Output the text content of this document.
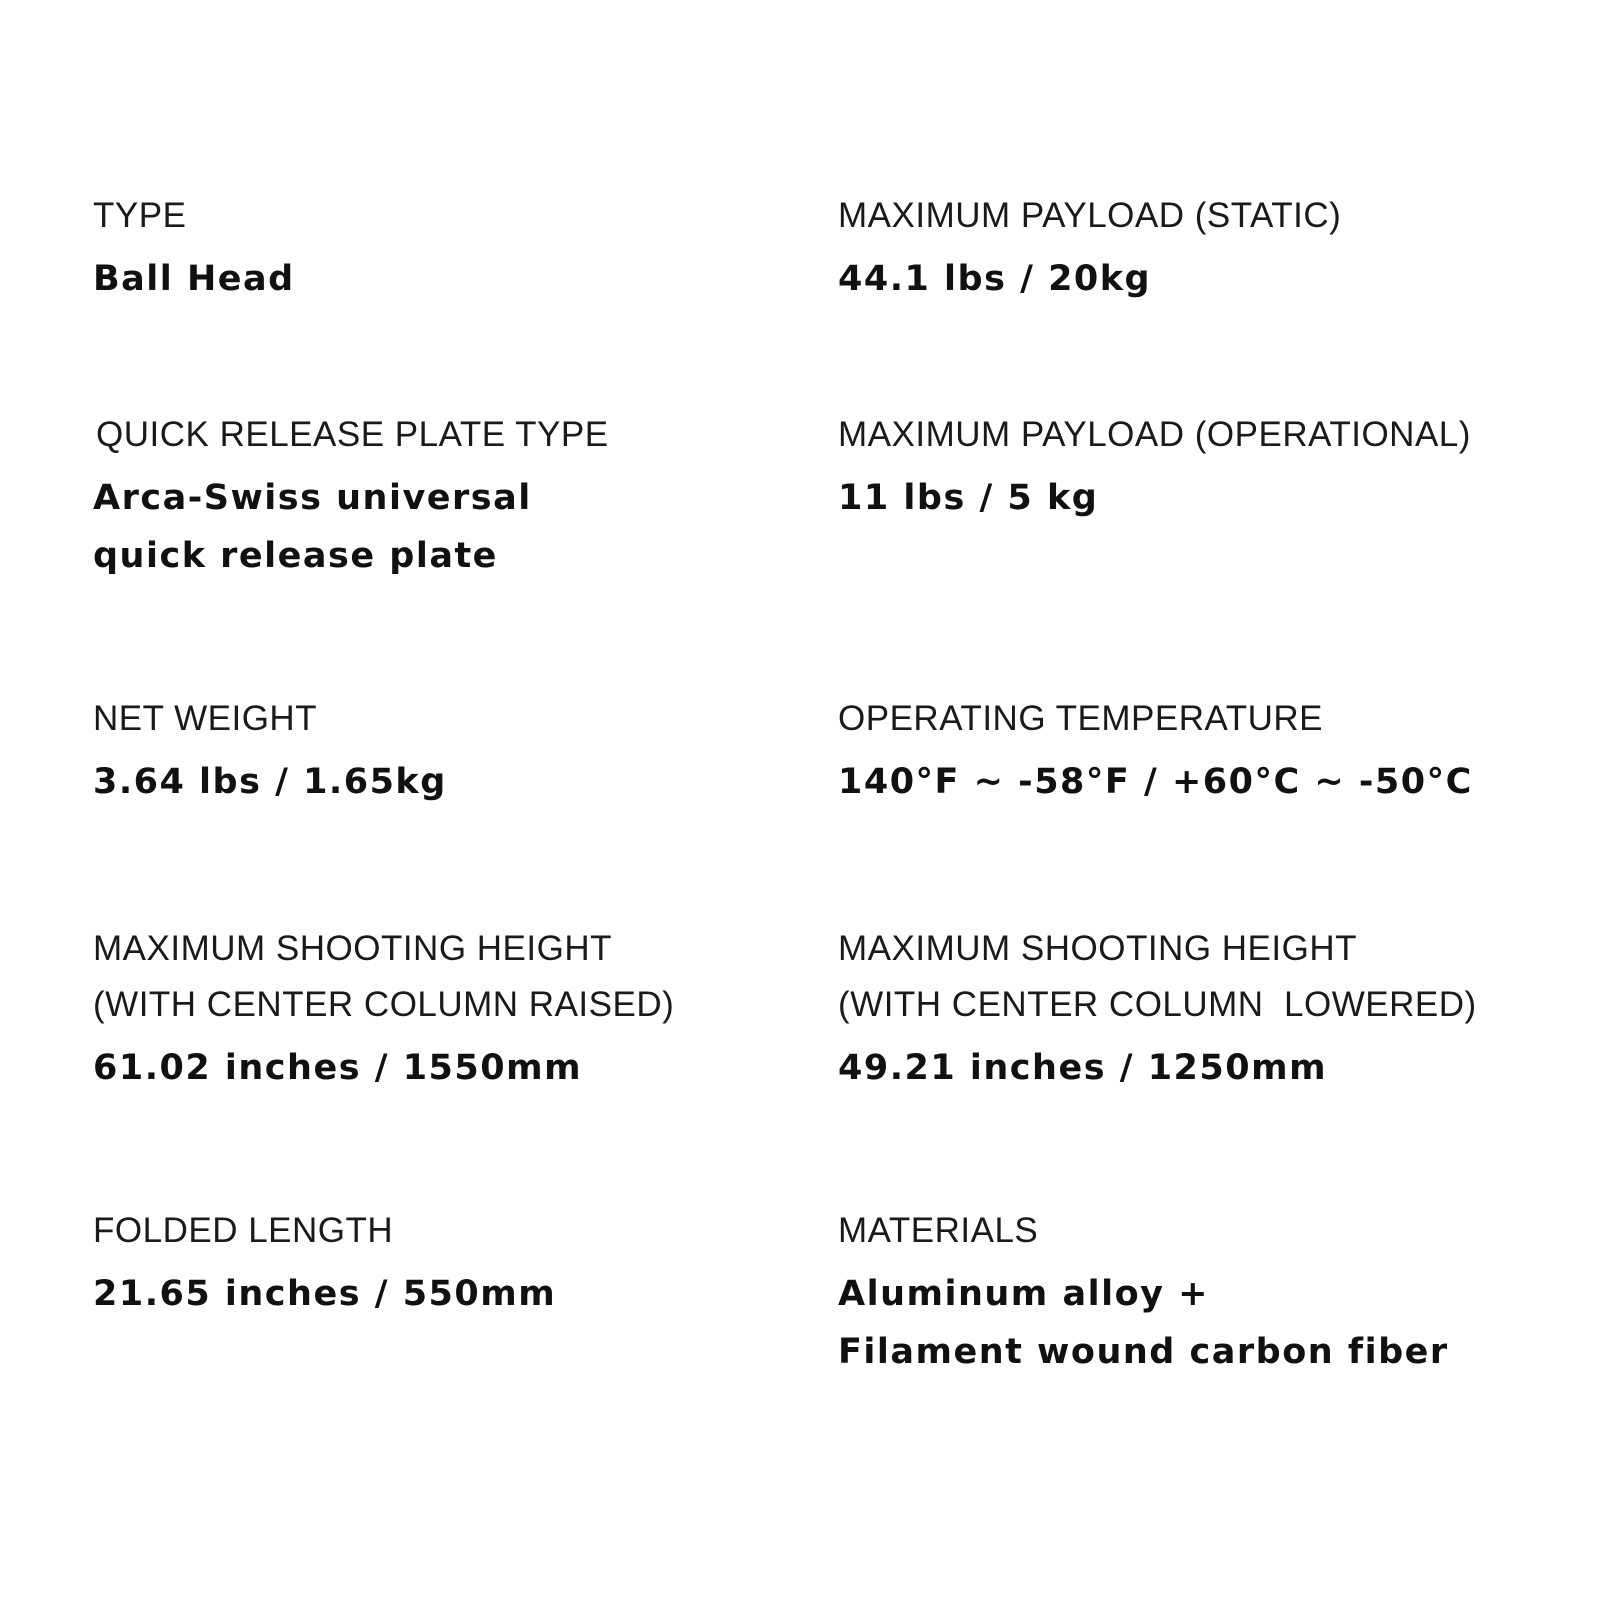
TYPE
Ball Head
MAXIMUM PAYLOAD (STATIC)
44.1 lbs / 20kg
QUICK RELEASE PLATE TYPE
Arca-Swiss universal
quick release plate
MAXIMUM PAYLOAD (OPERATIONAL)
11 lbs / 5 kg
NET WEIGHT
3.64 lbs / 1.65kg
OPERATING TEMPERATURE
140°F ~ -58°F / +60°C ~ -50°C
MAXIMUM SHOOTING HEIGHT
(WITH CENTER COLUMN RAISED)
61.02 inches / 1550mm
MAXIMUM SHOOTING HEIGHT
(WITH CENTER COLUMN  LOWERED)
49.21 inches / 1250mm
FOLDED LENGTH
21.65 inches / 550mm
MATERIALS
Aluminum alloy +
Filament wound carbon fiber
